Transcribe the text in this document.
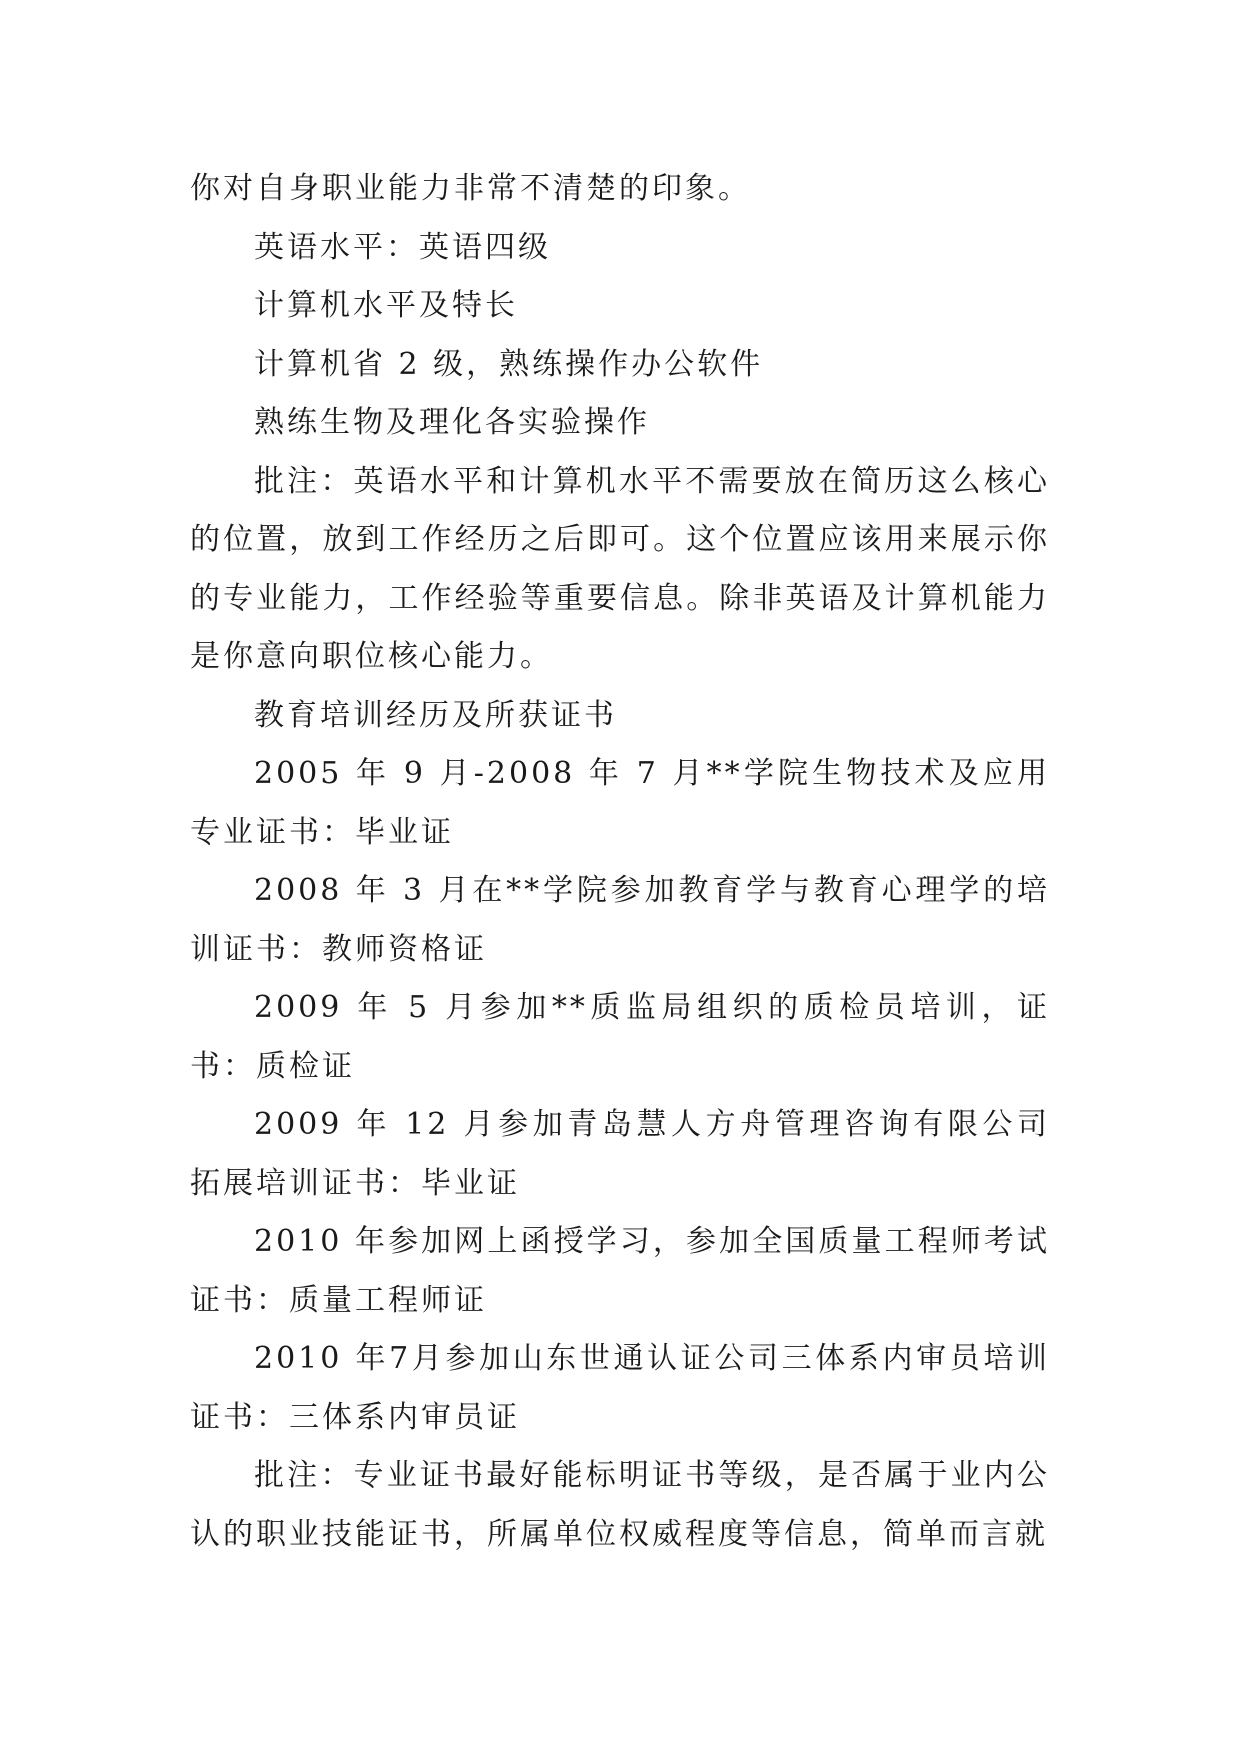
你对自身职业能力非常不清楚的印象。

英语水平：英语四级

计算机水平及特长

计算机省 2 级，熟练操作办公软件

熟练生物及理化各实验操作

批注：英语水平和计算机水平不需要放在简历这么核心的位置，放到工作经历之后即可。这个位置应该用来展示你的专业能力，工作经验等重要信息。除非英语及计算机能力是你意向职位核心能力。

教育培训经历及所获证书

2005 年 9 月-2008 年 7 月**学院生物技术及应用专业证书：毕业证

2008 年 3 月在**学院参加教育学与教育心理学的培训证书：教师资格证

2009 年 5 月参加**质监局组织的质检员培训，证书：质检证

2009 年 12 月参加青岛慧人方舟管理咨询有限公司拓展培训证书：毕业证

2010 年参加网上函授学习，参加全国质量工程师考试证书：质量工程师证

2010 年7月参加山东世通认证公司三体系内审员培训证书：三体系内审员证

批注：专业证书最好能标明证书等级，是否属于业内公认的职业技能证书，所属单位权威程度等信息，简单而言就
